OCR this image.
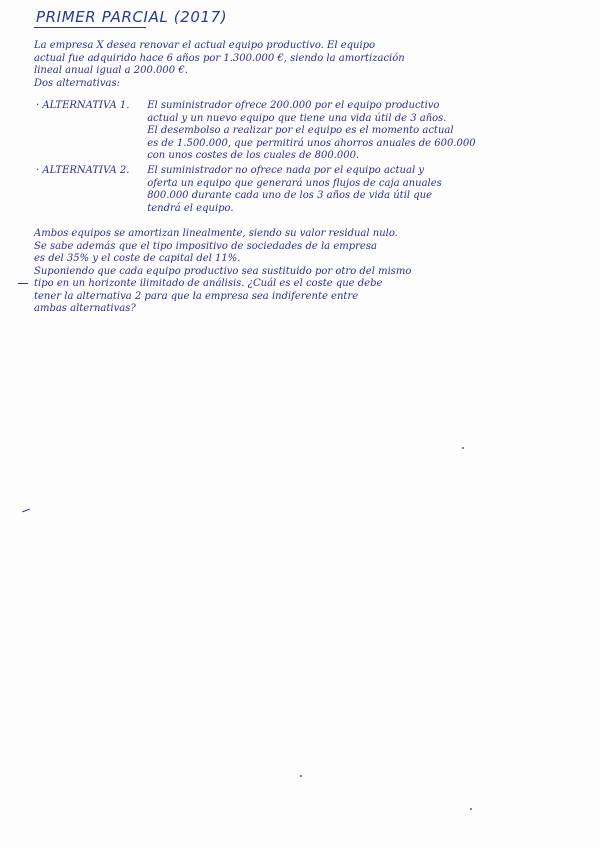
PRIMER PARCIAL (2017)
La empresa X desea renovar el actual equipo productivo. El equipo
actual fue adquirido hace 6 años por 1.300.000 €, siendo la amortización
lineal anual igual a 200.000 €.
Dos alternativas:
· ALTERNATIVA 1. El suministrador ofrece 200.000 por el equipo productivo
actual y un nuevo equipo que tiene una vida útil de 3 años.
El desembolso a realizar por el equipo es el momento actual
es de 1.500.000, que permitirá unos ahorros anuales de 600.000
con unos costes de los cuales de 800.000.
· ALTERNATIVA 2. El suministrador no ofrece nada por el equipo actual y
oferta un equipo que generará unos flujos de caja anuales
800.000 durante cada uno de los 3 años de vida útil que
tendrá el equipo.
Ambos equipos se amortizan linealmente, siendo su valor residual nulo.
Se sabe además que el tipo impositivo de sociedades de la empresa
es del 35% y el coste de capital del 11%.
Suponiendo que cada equipo productivo sea sustituido por otro del mismo
tipo en un horizonte ilimitado de análisis. ¿Cuál es el coste que debe
tener la alternativa 2 para que la empresa sea indiferente entre
ambas alternativas?
